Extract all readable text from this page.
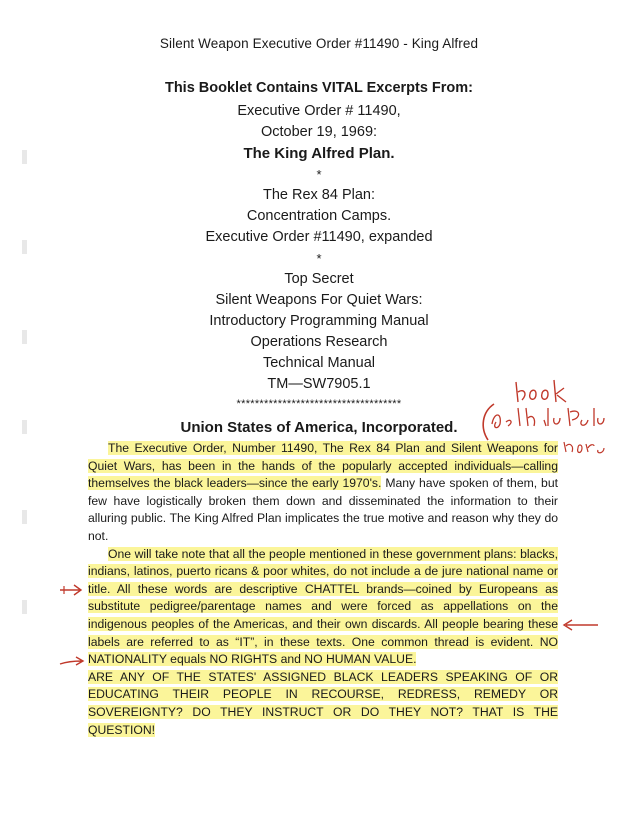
Silent Weapon Executive Order #11490 - King Alfred
This Booklet Contains VITAL Excerpts From:
Executive Order # 11490,
October 19, 1969:
The King Alfred Plan.
*
The Rex 84 Plan:
Concentration Camps.
Executive Order #11490, expanded
*
Top Secret
Silent Weapons For Quiet Wars:
Introductory Programming Manual
Operations Research
Technical Manual
TM—SW7905.1
************************************
Union States of America, Incorporated.

The Executive Order, Number 11490, The Rex 84 Plan and Silent Weapons for Quiet Wars, has been in the hands of the popularly accepted individuals—calling themselves the black leaders—since the early 1970's. Many have spoken of them, but few have logistically broken them down and disseminated the information to their alluring public. The King Alfred Plan implicates the true motive and reason why they do not.

One will take note that all the people mentioned in these government plans: blacks, indians, latinos, puerto ricans & poor whites, do not include a de jure national name or title. All these words are descriptive CHATTEL brands—coined by Europeans as substitute pedigree/parentage names and were forced as appellations on the indigenous peoples of the Americas, and their own discards. All people bearing these labels are referred to as “IT”, in these texts. One common thread is evident. NO NATIONALITY equals NO RIGHTS and NO HUMAN VALUE.

ARE ANY OF THE STATES' ASSIGNED BLACK LEADERS SPEAKING OF OR EDUCATING THEIR PEOPLE IN RECOURSE, REDRESS, REMEDY OR SOVEREIGNTY? DO THEY INSTRUCT OR DO THEY NOT? THAT IS THE QUESTION!
